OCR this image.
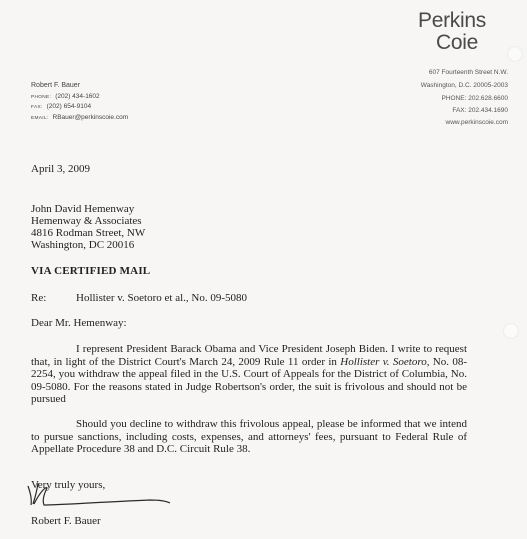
Perkins
Coie
607 Fourteenth Street N.W.
Washington, D.C. 20005-2003
PHONE: 202.628.6600
FAX: 202.434.1690
www.perkinscoie.com
Robert F. Bauer
PHONE: (202) 434-1602
FAX: (202) 654-9104
EMAIL: RBauer@perkinscoie.com
April 3, 2009
John David Hemenway
Hemenway & Associates
4816 Rodman Street, NW
Washington, DC 20016
VIA CERTIFIED MAIL
Re:	Hollister v. Soetoro et al., No. 09-5080
Dear Mr. Hemenway:
I represent President Barack Obama and Vice President Joseph Biden. I write to request that, in light of the District Court's March 24, 2009 Rule 11 order in Hollister v. Soetoro, No. 08-2254, you withdraw the appeal filed in the U.S. Court of Appeals for the District of Columbia, No. 09-5080. For the reasons stated in Judge Robertson's order, the suit is frivolous and should not be pursued
Should you decline to withdraw this frivolous appeal, please be informed that we intend to pursue sanctions, including costs, expenses, and attorneys' fees, pursuant to Federal Rule of Appellate Procedure 38 and D.C. Circuit Rule 38.
Very truly yours,
Robert F. Bauer
